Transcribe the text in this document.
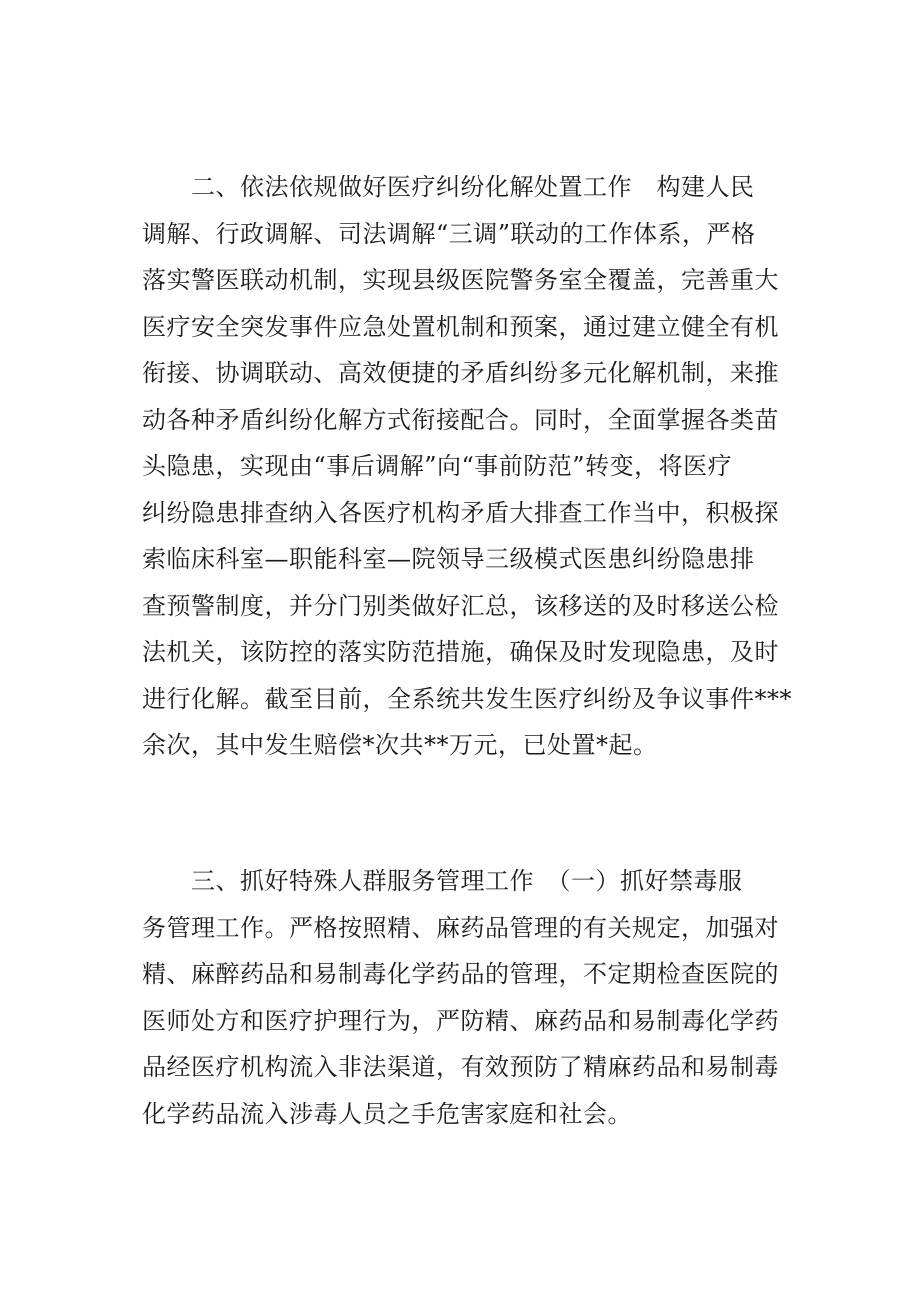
二、依法依规做好医疗纠纷化解处置工作　构建人民
调解、行政调解、司法调解“三调”联动的工作体系，严格
落实警医联动机制，实现县级医院警务室全覆盖，完善重大
医疗安全突发事件应急处置机制和预案，通过建立健全有机
衔接、协调联动、高效便捷的矛盾纠纷多元化解机制，来推
动各种矛盾纠纷化解方式衔接配合。同时，全面掌握各类苗
头隐患，实现由“事后调解”向“事前防范”转变，将医疗
纠纷隐患排查纳入各医疗机构矛盾大排查工作当中，积极探
索临床科室—职能科室—院领导三级模式医患纠纷隐患排
查预警制度，并分门别类做好汇总，该移送的及时移送公检
法机关，该防控的落实防范措施，确保及时发现隐患，及时
进行化解。截至目前，全系统共发生医疗纠纷及争议事件***
余次，其中发生赔偿*次共**万元，已处置*起。
三、抓好特殊人群服务管理工作　（一）抓好禁毒服
务管理工作。严格按照精、麻药品管理的有关规定，加强对
精、麻醉药品和易制毒化学药品的管理，不定期检查医院的
医师处方和医疗护理行为，严防精、麻药品和易制毒化学药
品经医疗机构流入非法渠道，有效预防了精麻药品和易制毒
化学药品流入涉毒人员之手危害家庭和社会。
